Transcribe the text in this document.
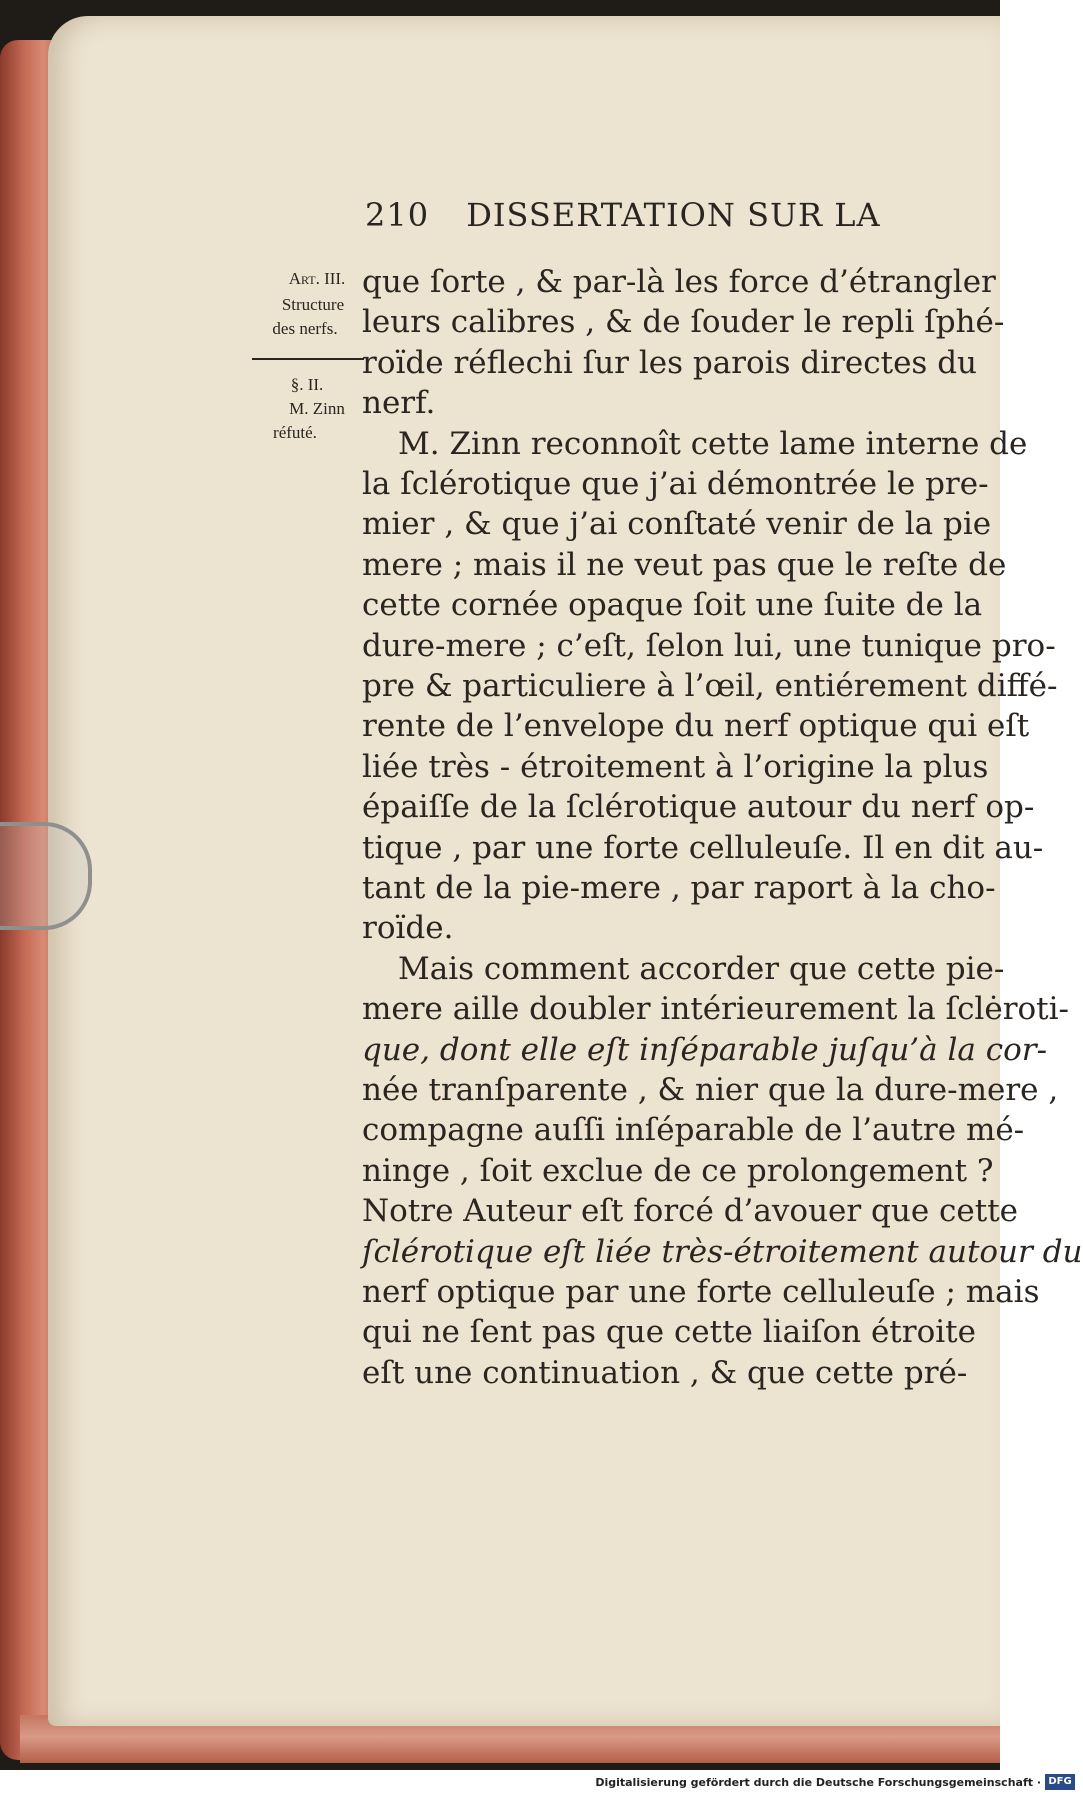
210 DISSERTATION SUR LA
Art. III.
Structure
des nerfs.
§. II.
M. Zinn
réfuté.
que ſorte , & par-là les force d’étrangler
leurs calibres , & de ſouder le repli ſphé-
roïde réflechi ſur les parois directes du
nerf.
M. Zinn reconnoît cette lame interne de
la ſclérotique que j’ai démontrée le pre-
mier , & que j’ai conſtaté venir de la pie
mere ; mais il ne veut pas que le reſte de
cette cornée opaque ſoit une ſuite de la
dure-mere ; c’eſt, ſelon lui, une tunique pro-
pre & particuliere à l’œil, entiérement diffé-
rente de l’envelope du nerf optique qui eſt
liée très - étroitement à l’origine la plus
épaiſſe de la ſclérotique autour du nerf op-
tique , par une forte celluleuſe. Il en dit au-
tant de la pie-mere , par raport à la cho-
roïde.
Mais comment accorder que cette pie-
mere aille doubler intérieurement la ſclėroti-
que, dont elle eſt inſéparable juſqu’à la cor-
née tranſparente , & nier que la dure-mere ,
compagne auſſi inſéparable de l’autre mé-
ninge , ſoit exclue de ce prolongement ?
Notre Auteur eſt forcé d’avouer que cette
ſclérotique eſt liée très-étroitement autour du
nerf optique par une forte celluleuſe ; mais
qui ne ſent pas que cette liaiſon étroite
eſt une continuation , & que cette pré-
Digitalisierung gefördert durch die Deutsche Forschungsgemeinschaft · DFG
